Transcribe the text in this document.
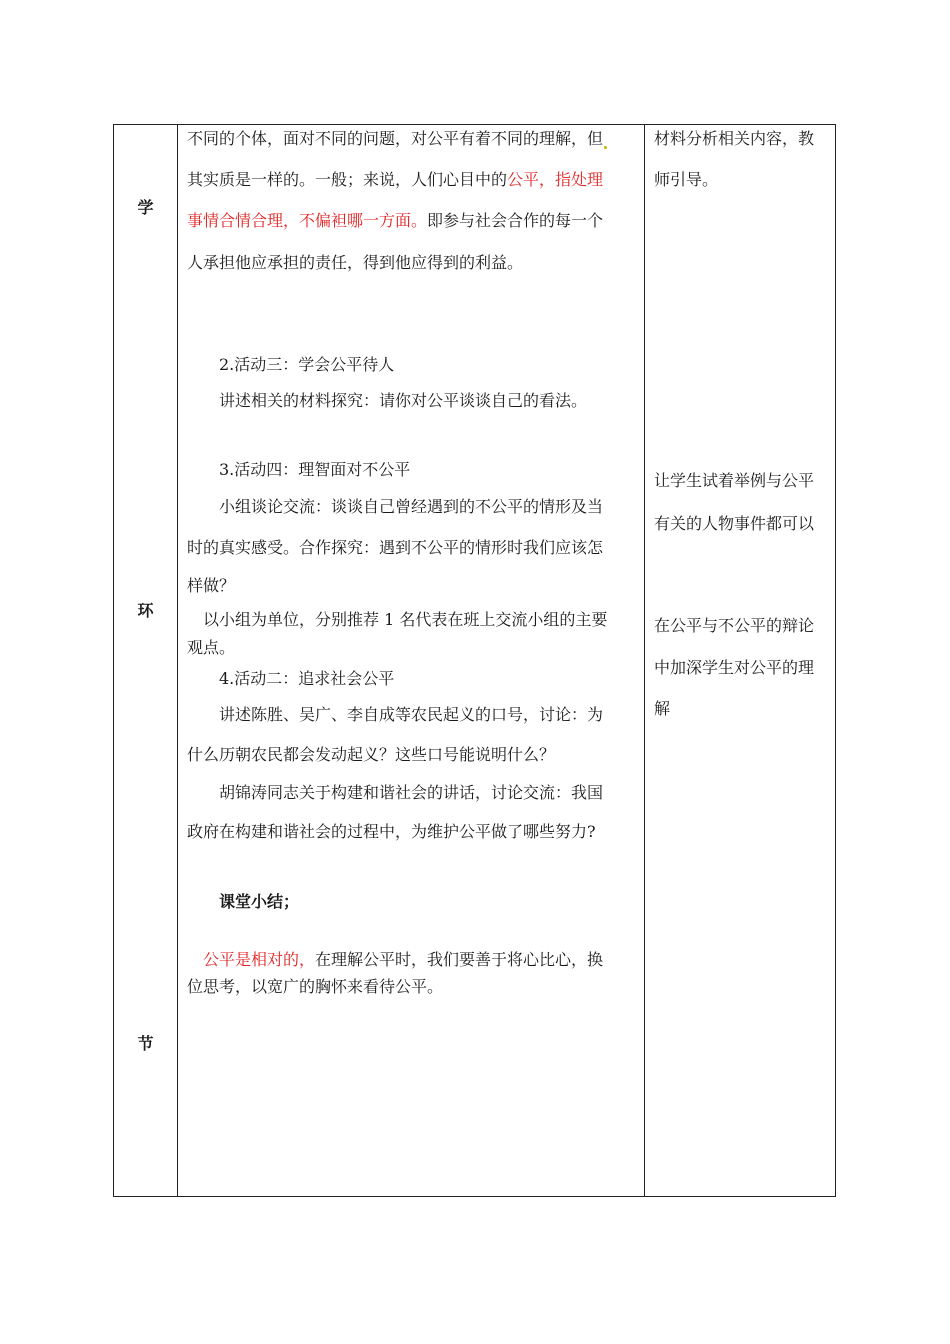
学
环
节
不同的个体，面对不同的问题，对公平有着不同的理解，但
其实质是一样的。一般；来说，人们心目中的公平，指处理
事情合情合理，不偏袒哪一方面。即参与社会合作的每一个
人承担他应承担的责任，得到他应得到的利益。
2.活动三：学会公平待人
讲述相关的材料探究：请你对公平谈谈自己的看法。
3.活动四：理智面对不公平
小组谈论交流：谈谈自己曾经遇到的不公平的情形及当
时的真实感受。合作探究：遇到不公平的情形时我们应该怎
样做？
以小组为单位，分别推荐 1 名代表在班上交流小组的主要
观点。
4.活动二：追求社会公平
讲述陈胜、吴广、李自成等农民起义的口号，讨论：为
什么历朝农民都会发动起义？这些口号能说明什么？
胡锦涛同志关于构建和谐社会的讲话，讨论交流：我国
政府在构建和谐社会的过程中，为维护公平做了哪些努力?
课堂小结；
公平是相对的，在理解公平时，我们要善于将心比心，换
位思考，以宽广的胸怀来看待公平。
材料分析相关内容，教
师引导。
让学生试着举例与公平
有关的人物事件都可以
在公平与不公平的辩论
中加深学生对公平的理
解
